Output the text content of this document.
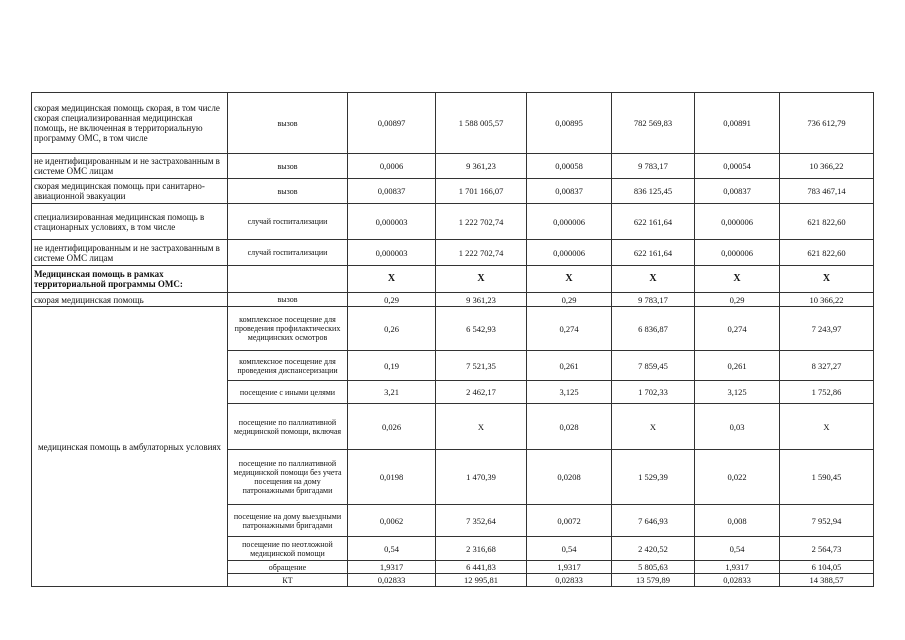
скорая медицинская помощь скорая, в том числе скорая специализированная медицинская помощь, не включенная в территориальную программу ОМС, в том числе	вызов	0,00897	1 588 005,57	0,00895	782 569,83	0,00891	736 612,79
не идентифицированным и не застрахованным в системе ОМС лицам	вызов	0,0006	9 361,23	0,00058	9 783,17	0,00054	10 366,22
скорая медицинская помощь при санитарно-авиационной эвакуации	вызов	0,00837	1 701 166,07	0,00837	836 125,45	0,00837	783 467,14
специализированная медицинская помощь в стационарных условиях, в том числе	случай госпитализации	0,000003	1 222 702,74	0,000006	622 161,64	0,000006	621 822,60
не идентифицированным и не застрахованным в системе ОМС лицам	случай госпитализации	0,000003	1 222 702,74	0,000006	622 161,64	0,000006	621 822,60
Медицинская помощь в рамках территориальной программы ОМС:		X	X	X	X	X	X
скорая медицинская помощь	вызов	0,29	9 361,23	0,29	9 783,17	0,29	10 366,22
медицинская помощь в амбулаторных условиях	комплексное посещение для проведения профилактических медицинских осмотров	0,26	6 542,93	0,274	6 836,87	0,274	7 243,97
	комплексное посещение для проведения диспансеризации	0,19	7 521,35	0,261	7 859,45	0,261	8 327,27
	посещение с иными целями	3,21	2 462,17	3,125	1 702,33	3,125	1 752,86
	посещение по паллиативной медицинской помощи, включая	0,026	X	0,028	X	0,03	X
	посещение по паллиативной медицинской помощи без учета посещения на дому патронажными бригадами	0,0198	1 470,39	0,0208	1 529,39	0,022	1 590,45
	посещение на дому выездными патронажными бригадами	0,0062	7 352,64	0,0072	7 646,93	0,008	7 952,94
	посещение по неотложной медицинской помощи	0,54	2 316,68	0,54	2 420,52	0,54	2 564,73
	обращение	1,9317	6 441,83	1,9317	5 805,63	1,9317	6 104,05
	КТ	0,02833	12 995,81	0,02833	13 579,89	0,02833	14 388,57
